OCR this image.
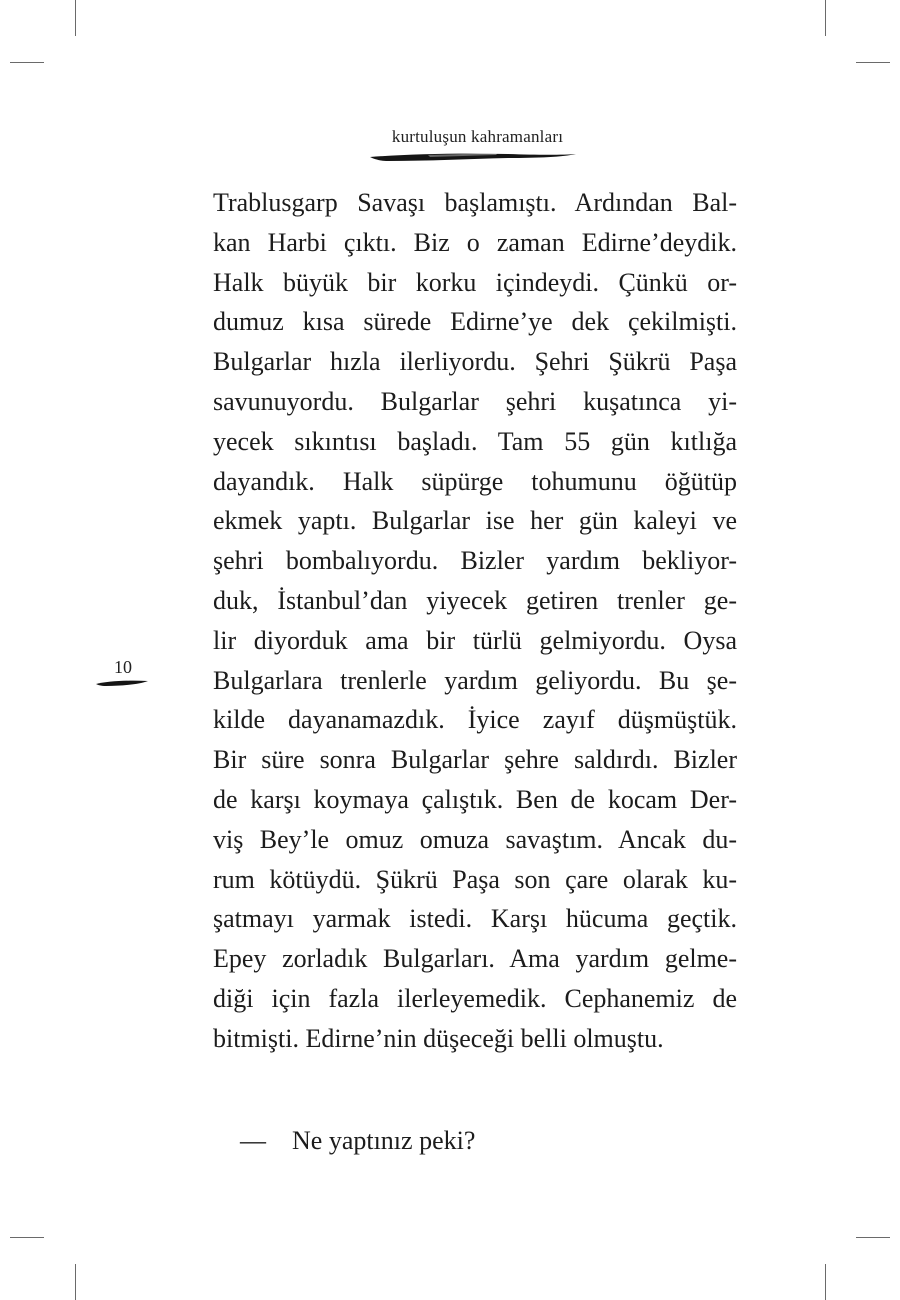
kurtuluşun kahramanları
10
Trablusgarp Savaşı başlamıştı. Ardından Bal-
kan Harbi çıktı. Biz o zaman Edirne’deydik.
Halk büyük bir korku içindeydi. Çünkü or-
dumuz kısa sürede Edirne’ye dek çekilmişti.
Bulgarlar hızla ilerliyordu. Şehri Şükrü Paşa
savunuyordu. Bulgarlar şehri kuşatınca yi-
yecek sıkıntısı başladı. Tam 55 gün kıtlığa
dayandık. Halk süpürge tohumunu öğütüp
ekmek yaptı. Bulgarlar ise her gün kaleyi ve
şehri bombalıyordu. Bizler yardım bekliyor-
duk, İstanbul’dan yiyecek getiren trenler ge-
lir diyorduk ama bir türlü gelmiyordu. Oysa
Bulgarlara trenlerle yardım geliyordu. Bu şe-
kilde dayanamazdık. İyice zayıf düşmüştük.
Bir süre sonra Bulgarlar şehre saldırdı. Bizler
de karşı koymaya çalıştık. Ben de kocam Der-
viş Bey’le omuz omuza savaştım. Ancak du-
rum kötüydü. Şükrü Paşa son çare olarak ku-
şatmayı yarmak istedi. Karşı hücuma geçtik.
Epey zorladık Bulgarları. Ama yardım gelme-
diği için fazla ilerleyemedik. Cephanemiz de
bitmişti. Edirne’nin düşeceği belli olmuştu.
— Ne yaptınız peki?
